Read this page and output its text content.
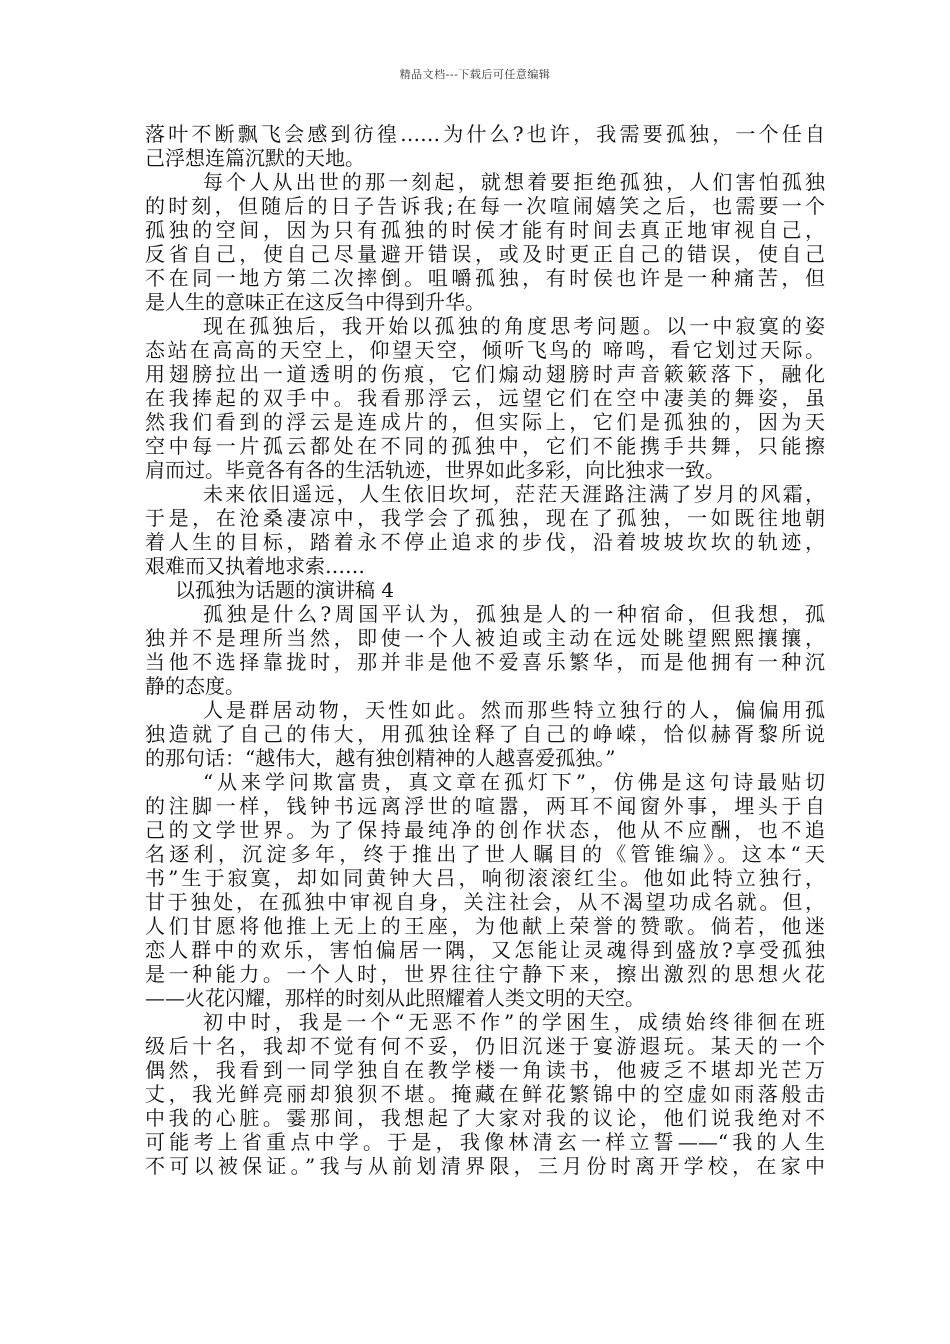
精品文档---下载后可任意编辑
落叶不断飘飞会感到彷徨……为什么?也许，我需要孤独，一个任自
己浮想连篇沉默的天地。
每个人从出世的那一刻起，就想着要拒绝孤独，人们害怕孤独
的时刻，但随后的日子告诉我;在每一次喧闹嬉笑之后，也需要一个
孤独的空间，因为只有孤独的时侯才能有时间去真正地审视自己，
反省自己，使自己尽量避开错误，或及时更正自己的错误，使自己
不在同一地方第二次摔倒。咀嚼孤独，有时侯也许是一种痛苦，但
是人生的意味正在这反刍中得到升华。
现在孤独后，我开始以孤独的角度思考问题。以一中寂寞的姿
态站在高高的天空上，仰望天空，倾听飞鸟的 啼鸣，看它划过天际。
用翅膀拉出一道透明的伤痕，它们煽动翅膀时声音簌簌落下，融化
在我捧起的双手中。我看那浮云，远望它们在空中凄美的舞姿，虽
然我们看到的浮云是连成片的，但实际上，它们是孤独的，因为天
空中每一片孤云都处在不同的孤独中，它们不能携手共舞，只能擦
肩而过。毕竟各有各的生活轨迹，世界如此多彩，向比独求一致。
未来依旧遥远，人生依旧坎坷，茫茫天涯路注满了岁月的风霜，
于是，在沧桑凄凉中，我学会了孤独，现在了孤独，一如既往地朝
着人生的目标，踏着永不停止追求的步伐，沿着坡坡坎坎的轨迹，
艰难而又执着地求索……
以孤独为话题的演讲稿 4
孤独是什么?周国平认为，孤独是人的一种宿命，但我想，孤
独并不是理所当然，即使一个人被迫或主动在远处眺望熙熙攘攘，
当他不选择靠拢时，那并非是他不爱喜乐繁华，而是他拥有一种沉
静的态度。
人是群居动物，天性如此。然而那些特立独行的人，偏偏用孤
独造就了自己的伟大，用孤独诠释了自己的峥嵘，恰似赫胥黎所说
的那句话：“越伟大，越有独创精神的人越喜爱孤独。”
“从来学问欺富贵，真文章在孤灯下”，仿佛是这句诗最贴切
的注脚一样，钱钟书远离浮世的喧嚣，两耳不闻窗外事，埋头于自
己的文学世界。为了保持最纯净的创作状态，他从不应酬，也不追
名逐利，沉淀多年，终于推出了世人瞩目的《管锥编》。这本“天
书”生于寂寞，却如同黄钟大吕，响彻滚滚红尘。他如此特立独行，
甘于独处，在孤独中审视自身，关注社会，从不渴望功成名就。但，
人们甘愿将他推上无上的王座，为他献上荣誉的赞歌。倘若，他迷
恋人群中的欢乐，害怕偏居一隅，又怎能让灵魂得到盛放?享受孤独
是一种能力。一个人时，世界往往宁静下来，擦出激烈的思想火花
——火花闪耀，那样的时刻从此照耀着人类文明的天空。
初中时，我是一个“无恶不作”的学困生，成绩始终徘徊在班
级后十名，我却不觉有何不妥，仍旧沉迷于宴游遐玩。某天的一个
偶然，我看到一同学独自在教学楼一角读书，他疲乏不堪却光芒万
丈，我光鲜亮丽却狼狈不堪。掩藏在鲜花繁锦中的空虚如雨落般击
中我的心脏。霎那间，我想起了大家对我的议论，他们说我绝对不
可能考上省重点中学。于是，我像林清玄一样立誓——“我的人生
不可以被保证。”我与从前划清界限，三月份时离开学校，在家中
